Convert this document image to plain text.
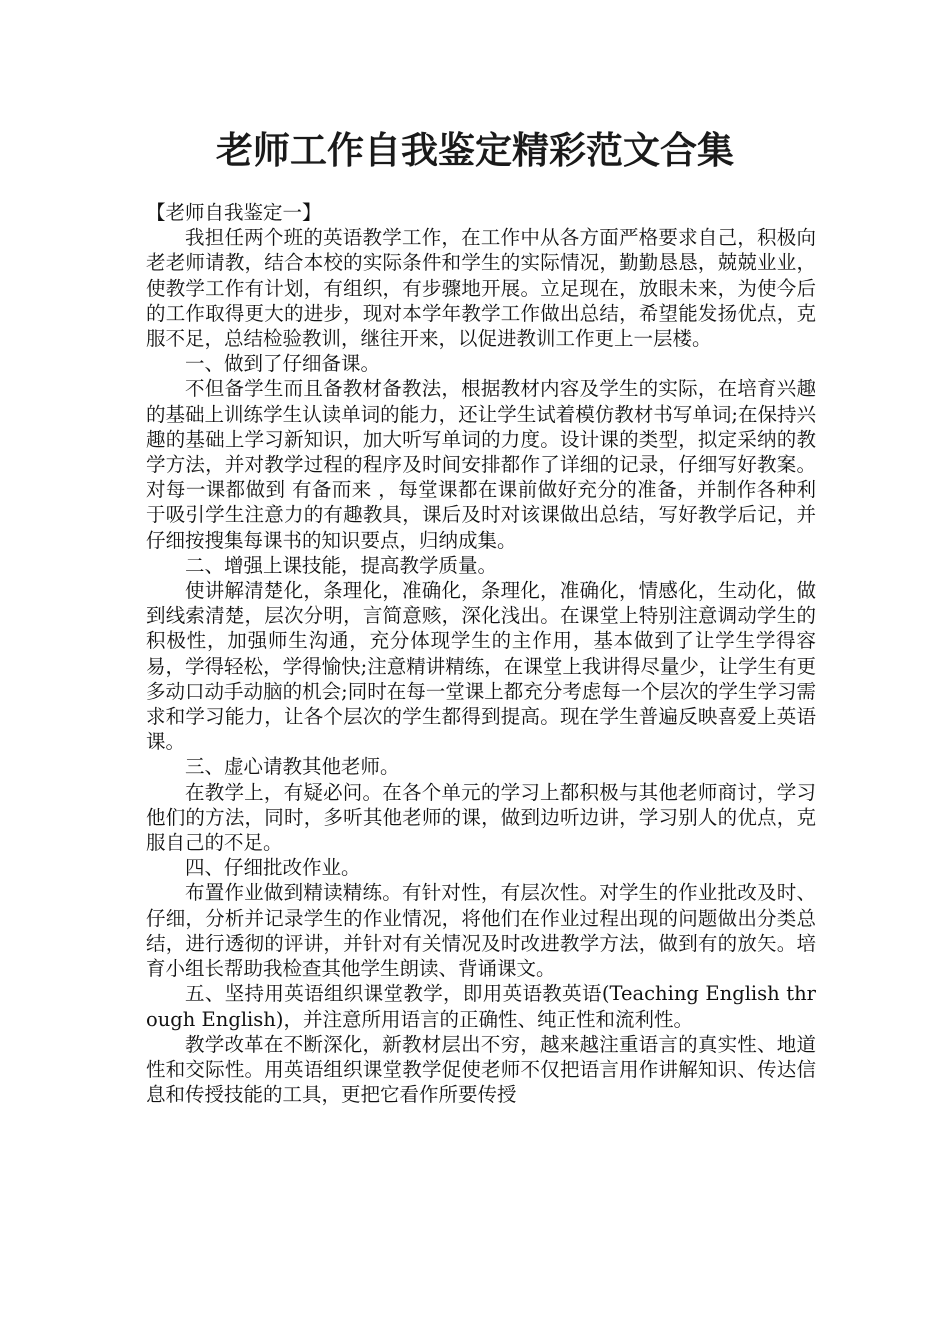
老师工作自我鉴定精彩范文合集

【老师自我鉴定一】

我担任两个班的英语教学工作，在工作中从各方面严格要求自己，积极向老老师请教，结合本校的实际条件和学生的实际情况，勤勤恳恳，兢兢业业，使教学工作有计划，有组织，有步骤地开展。立足现在，放眼未来，为使今后的工作取得更大的进步，现对本学年教学工作做出总结，希望能发扬优点，克服不足，总结检验教训，继往开来，以促进教训工作更上一层楼。

一、做到了仔细备课。

不但备学生而且备教材备教法，根据教材内容及学生的实际，在培育兴趣的基础上训练学生认读单词的能力，还让学生试着模仿教材书写单词;在保持兴趣的基础上学习新知识，加大听写单词的力度。设计课的类型，拟定采纳的教学方法，并对教学过程的程序及时间安排都作了详细的记录，仔细写好教案。对每一课都做到 有备而来 ，每堂课都在课前做好充分的准备，并制作各种利于吸引学生注意力的有趣教具，课后及时对该课做出总结，写好教学后记，并仔细按搜集每课书的知识要点，归纳成集。

二、增强上课技能，提高教学质量。

使讲解清楚化，条理化，准确化，条理化，准确化，情感化，生动化，做到线索清楚，层次分明，言简意赅，深化浅出。在课堂上特别注意调动学生的积极性，加强师生沟通，充分体现学生的主作用，基本做到了让学生学得容易，学得轻松，学得愉快;注意精讲精练，在课堂上我讲得尽量少，让学生有更多动口动手动脑的机会;同时在每一堂课上都充分考虑每一个层次的学生学习需求和学习能力，让各个层次的学生都得到提高。现在学生普遍反映喜爱上英语课。

三、虚心请教其他老师。

在教学上，有疑必问。在各个单元的学习上都积极与其他老师商讨，学习他们的方法，同时，多听其他老师的课，做到边听边讲，学习别人的优点，克服自己的不足。

四、仔细批改作业。

布置作业做到精读精练。有针对性，有层次性。对学生的作业批改及时、仔细，分析并记录学生的作业情况，将他们在作业过程出现的问题做出分类总结，进行透彻的评讲，并针对有关情况及时改进教学方法，做到有的放矢。培育小组长帮助我检查其他学生朗读、背诵课文。

五、坚持用英语组织课堂教学，即用英语教英语(Teaching English through English)，并注意所用语言的正确性、纯正性和流利性。

教学改革在不断深化，新教材层出不穷，越来越注重语言的真实性、地道性和交际性。用英语组织课堂教学促使老师不仅把语言用作讲解知识、传达信息和传授技能的工具，更把它看作所要传授
